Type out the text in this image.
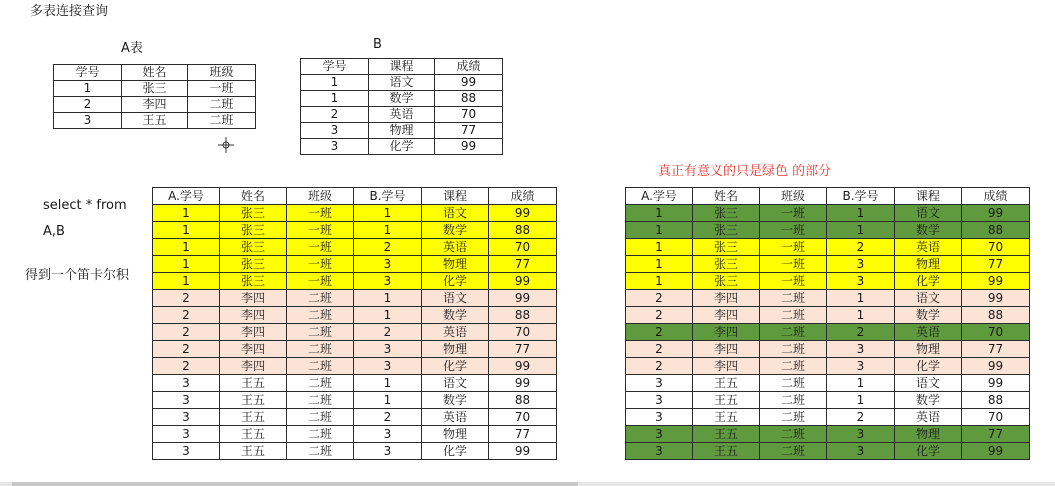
多表连接查询
A表
学号	姓名	班级
1	张三	一班
2	李四	二班
3	王五	二班
B
学号	课程	成绩
1	语文	99
1	数学	88
2	英语	70
3	物理	77
3	化学	99
select * from
A,B
得到一个笛卡尔积
真正有意义的只是绿色 的部分
A.学号	姓名	班级	B.学号	课程	成绩
1	张三	一班	1	语文	99
1	张三	一班	1	数学	88
1	张三	一班	2	英语	70
1	张三	一班	3	物理	77
1	张三	一班	3	化学	99
2	李四	二班	1	语文	99
2	李四	二班	1	数学	88
2	李四	二班	2	英语	70
2	李四	二班	3	物理	77
2	李四	二班	3	化学	99
3	王五	二班	1	语文	99
3	王五	二班	1	数学	88
3	王五	二班	2	英语	70
3	王五	二班	3	物理	77
3	王五	二班	3	化学	99
A.学号	姓名	班级	B.学号	课程	成绩
1	张三	一班	1	语文	99
1	张三	一班	1	数学	88
1	张三	一班	2	英语	70
1	张三	一班	3	物理	77
1	张三	一班	3	化学	99
2	李四	二班	1	语文	99
2	李四	二班	1	数学	88
2	李四	二班	2	英语	70
2	李四	二班	3	物理	77
2	李四	二班	3	化学	99
3	王五	二班	1	语文	99
3	王五	二班	1	数学	88
3	王五	二班	2	英语	70
3	王五	二班	3	物理	77
3	王五	二班	3	化学	99
